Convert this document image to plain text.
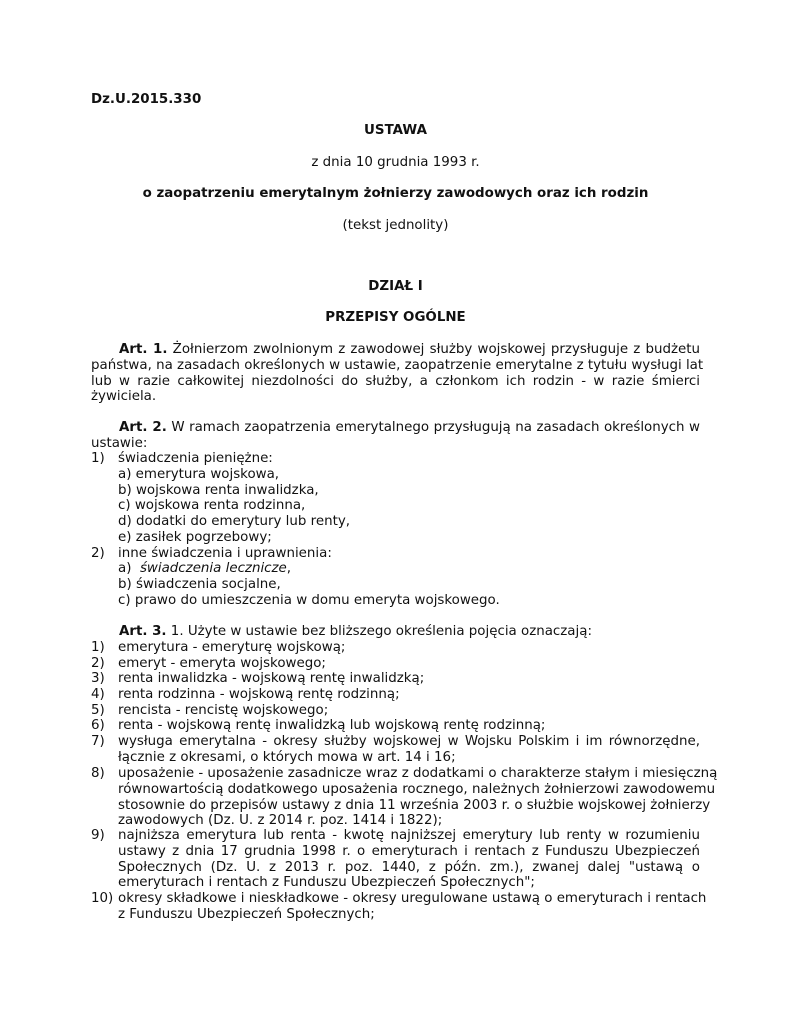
Dz.U.2015.330
USTAWA
z dnia 10 grudnia 1993 r.
o zaopatrzeniu emerytalnym żołnierzy zawodowych oraz ich rodzin
(tekst jednolity)
DZIAŁ I
PRZEPISY OGÓLNE
Art. 1. Żołnierzom zwolnionym z zawodowej służby wojskowej przysługuje z budżetu
państwa, na zasadach określonych w ustawie, zaopatrzenie emerytalne z tytułu wysługi lat
lub w razie całkowitej niezdolności do służby, a członkom ich rodzin - w razie śmierci
żywiciela.
Art. 2. W ramach zaopatrzenia emerytalnego przysługują na zasadach określonych w
ustawie:
1) świadczenia pieniężne:
a) emerytura wojskowa,
b) wojskowa renta inwalidzka,
c) wojskowa renta rodzinna,
d) dodatki do emerytury lub renty,
e) zasiłek pogrzebowy;
2) inne świadczenia i uprawnienia:
a) świadczenia lecznicze,
b) świadczenia socjalne,
c) prawo do umieszczenia w domu emeryta wojskowego.
Art. 3. 1. Użyte w ustawie bez bliższego określenia pojęcia oznaczają:
1) emerytura - emeryturę wojskową;
2) emeryt - emeryta wojskowego;
3) renta inwalidzka - wojskową rentę inwalidzką;
4) renta rodzinna - wojskową rentę rodzinną;
5) rencista - rencistę wojskowego;
6) renta - wojskową rentę inwalidzką lub wojskową rentę rodzinną;
7) wysługa emerytalna - okresy służby wojskowej w Wojsku Polskim i im równorzędne,
łącznie z okresami, o których mowa w art. 14 i 16;
8) uposażenie - uposażenie zasadnicze wraz z dodatkami o charakterze stałym i miesięczną
równowartością dodatkowego uposażenia rocznego, należnych żołnierzowi zawodowemu
stosownie do przepisów ustawy z dnia 11 września 2003 r. o służbie wojskowej żołnierzy
zawodowych (Dz. U. z 2014 r. poz. 1414 i 1822);
9) najniższa emerytura lub renta - kwotę najniższej emerytury lub renty w rozumieniu
ustawy z dnia 17 grudnia 1998 r. o emeryturach i rentach z Funduszu Ubezpieczeń
Społecznych (Dz. U. z 2013 r. poz. 1440, z późn. zm.), zwanej dalej "ustawą o
emeryturach i rentach z Funduszu Ubezpieczeń Społecznych";
10) okresy składkowe i nieskładkowe - okresy uregulowane ustawą o emeryturach i rentach
z Funduszu Ubezpieczeń Społecznych;
